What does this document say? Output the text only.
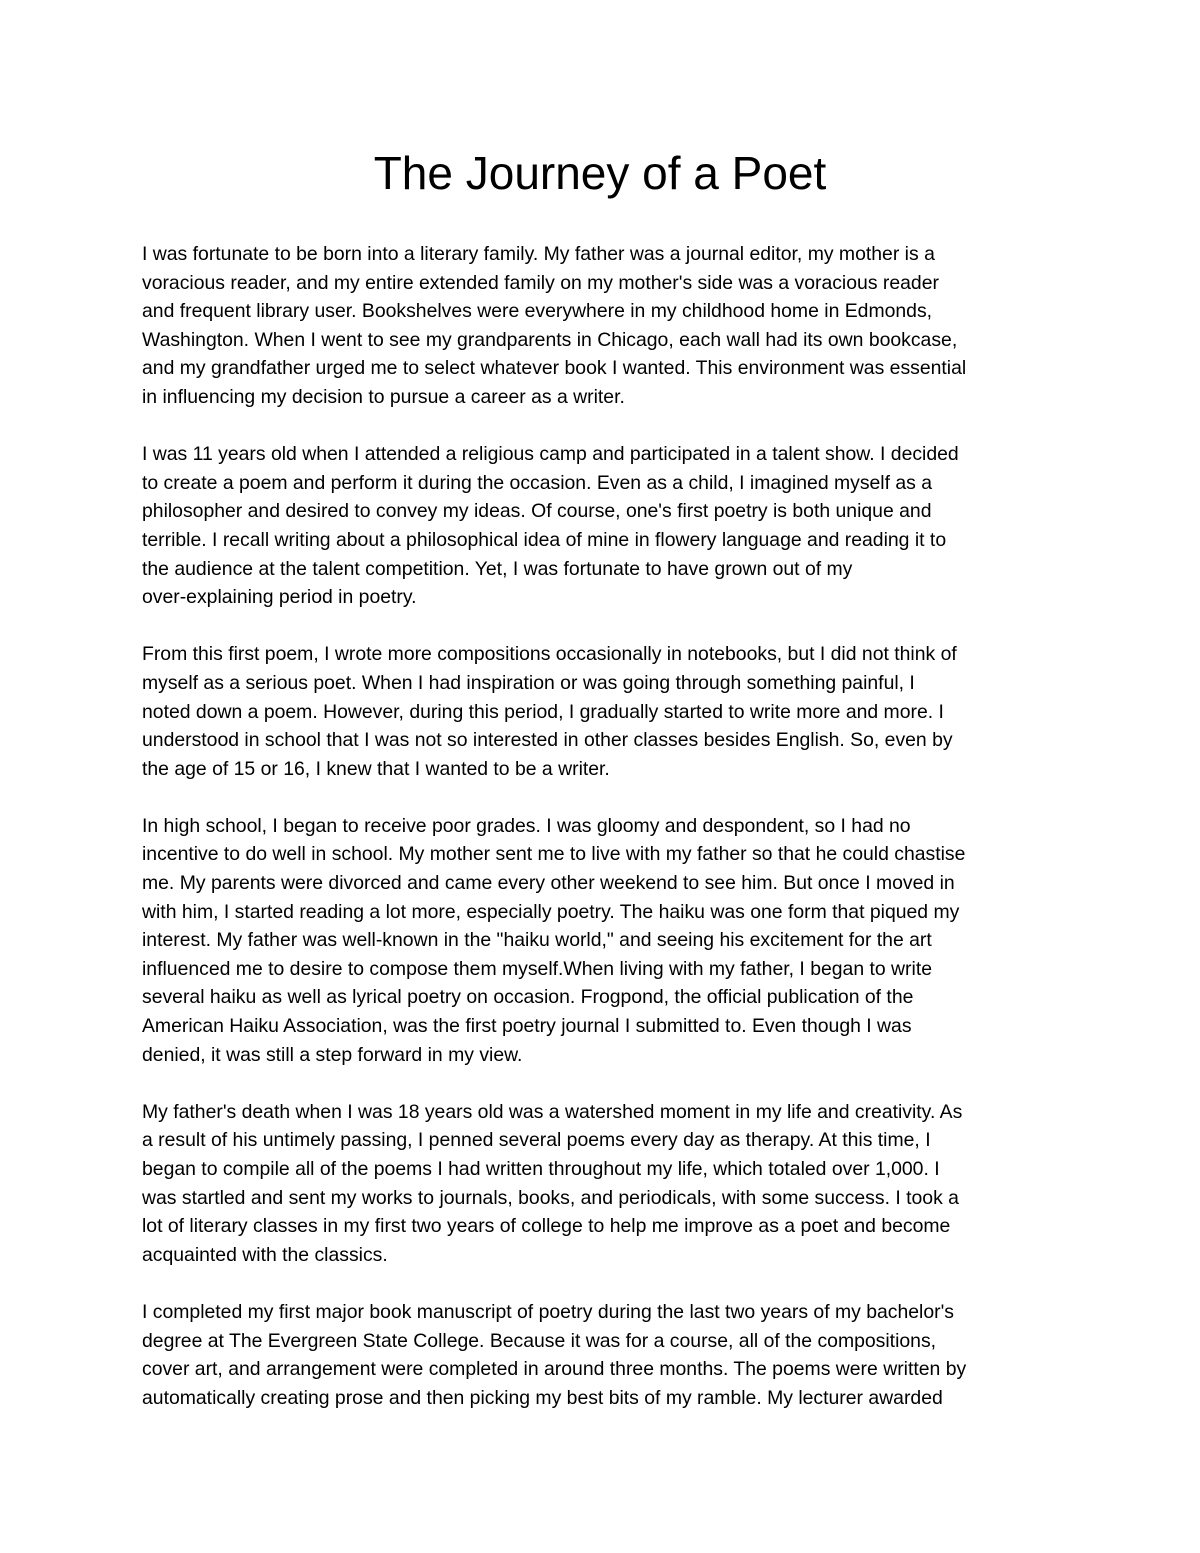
The Journey of a Poet
I was fortunate to be born into a literary family. My father was a journal editor, my mother is a
voracious reader, and my entire extended family on my mother's side was a voracious reader
and frequent library user. Bookshelves were everywhere in my childhood home in Edmonds,
Washington. When I went to see my grandparents in Chicago, each wall had its own bookcase,
and my grandfather urged me to select whatever book I wanted. This environment was essential
in influencing my decision to pursue a career as a writer.
I was 11 years old when I attended a religious camp and participated in a talent show. I decided
to create a poem and perform it during the occasion. Even as a child, I imagined myself as a
philosopher and desired to convey my ideas. Of course, one's first poetry is both unique and
terrible. I recall writing about a philosophical idea of mine in flowery language and reading it to
the audience at the talent competition. Yet, I was fortunate to have grown out of my
over-explaining period in poetry.
From this first poem, I wrote more compositions occasionally in notebooks, but I did not think of
myself as a serious poet. When I had inspiration or was going through something painful, I
noted down a poem. However, during this period, I gradually started to write more and more. I
understood in school that I was not so interested in other classes besides English. So, even by
the age of 15 or 16, I knew that I wanted to be a writer.
In high school, I began to receive poor grades. I was gloomy and despondent, so I had no
incentive to do well in school. My mother sent me to live with my father so that he could chastise
me. My parents were divorced and came every other weekend to see him. But once I moved in
with him, I started reading a lot more, especially poetry. The haiku was one form that piqued my
interest. My father was well-known in the "haiku world," and seeing his excitement for the art
influenced me to desire to compose them myself.When living with my father, I began to write
several haiku as well as lyrical poetry on occasion. Frogpond, the official publication of the
American Haiku Association, was the first poetry journal I submitted to. Even though I was
denied, it was still a step forward in my view.
My father's death when I was 18 years old was a watershed moment in my life and creativity. As
a result of his untimely passing, I penned several poems every day as therapy. At this time, I
began to compile all of the poems I had written throughout my life, which totaled over 1,000. I
was startled and sent my works to journals, books, and periodicals, with some success. I took a
lot of literary classes in my first two years of college to help me improve as a poet and become
acquainted with the classics.
I completed my first major book manuscript of poetry during the last two years of my bachelor's
degree at The Evergreen State College. Because it was for a course, all of the compositions,
cover art, and arrangement were completed in around three months. The poems were written by
automatically creating prose and then picking my best bits of my ramble. My lecturer awarded
